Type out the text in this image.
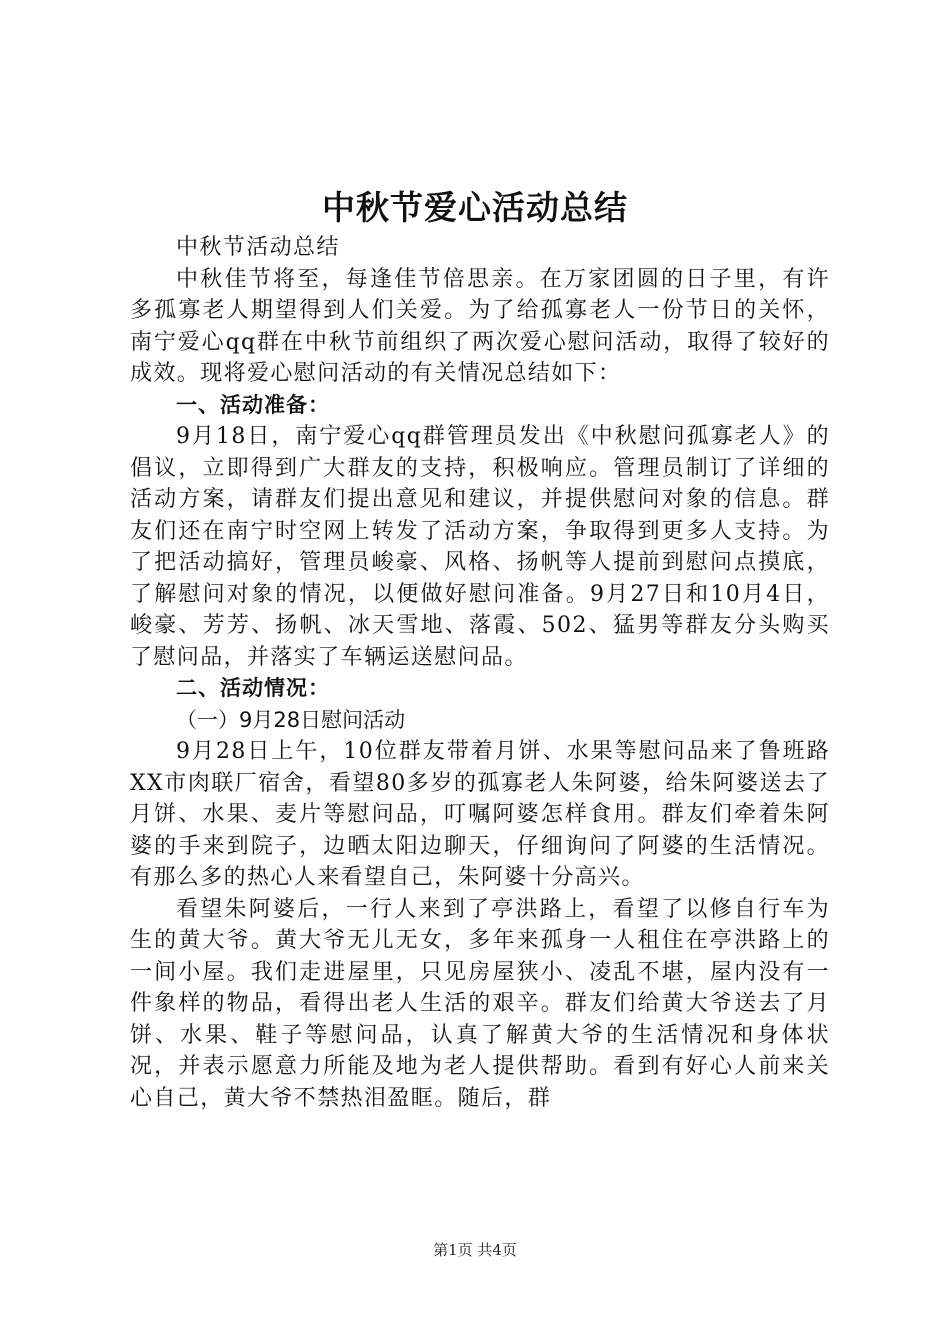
中秋节爱心活动总结

中秋节活动总结

中秋佳节将至，每逢佳节倍思亲。在万家团圆的日子里，有许多孤寡老人期望得到人们关爱。为了给孤寡老人一份节日的关怀，南宁爱心qq群在中秋节前组织了两次爱心慰问活动，取得了较好的成效。现将爱心慰问活动的有关情况总结如下：

一、活动准备：

9月18日，南宁爱心qq群管理员发出《中秋慰问孤寡老人》的倡议，立即得到广大群友的支持，积极响应。管理员制订了详细的活动方案，请群友们提出意见和建议，并提供慰问对象的信息。群友们还在南宁时空网上转发了活动方案，争取得到更多人支持。为了把活动搞好，管理员峻豪、风格、扬帆等人提前到慰问点摸底，了解慰问对象的情况，以便做好慰问准备。9月27日和10月4日，峻豪、芳芳、扬帆、冰天雪地、落霞、502、猛男等群友分头购买了慰问品，并落实了车辆运送慰问品。

二、活动情况：

（一）9月28日慰问活动

9月28日上午，10位群友带着月饼、水果等慰问品来了鲁班路XX市肉联厂宿舍，看望80多岁的孤寡老人朱阿婆，给朱阿婆送去了月饼、水果、麦片等慰问品，叮嘱阿婆怎样食用。群友们牵着朱阿婆的手来到院子，边晒太阳边聊天，仔细询问了阿婆的生活情况。有那么多的热心人来看望自己，朱阿婆十分高兴。

看望朱阿婆后，一行人来到了亭洪路上，看望了以修自行车为生的黄大爷。黄大爷无儿无女，多年来孤身一人租住在亭洪路上的一间小屋。我们走进屋里，只见房屋狭小、凌乱不堪，屋内没有一件象样的物品，看得出老人生活的艰辛。群友们给黄大爷送去了月饼、水果、鞋子等慰问品，认真了解黄大爷的生活情况和身体状况，并表示愿意力所能及地为老人提供帮助。看到有好心人前来关心自己，黄大爷不禁热泪盈眶。随后，群

第1页 共4页
